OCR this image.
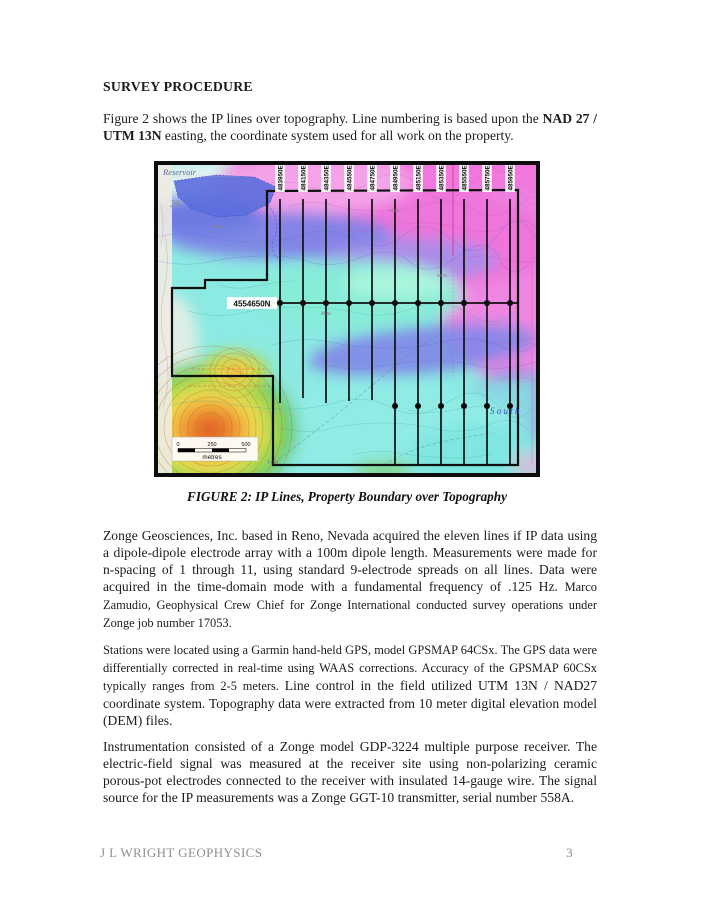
SURVEY PROCEDURE

Figure 2 shows the IP lines over topography. Line numbering is based upon the NAD 27 / UTM 13N easting, the coordinate system used for all work on the property.

483950E	484150E	484350E	484550E	484750E	484950E	485150E	485350E	485550E	485750E	485950E
4554650N
Reservoir
26
Road
S o u t h
7+50
Mine
5762
5801
0	250	500
metres
FIGURE 2: IP Lines, Property Boundary over Topography

Zonge Geosciences, Inc. based in Reno, Nevada acquired the eleven lines if IP data using a dipole-dipole electrode array with a 100m dipole length. Measurements were made for n-spacing of 1 through 11, using standard 9-electrode spreads on all lines. Data were acquired in the time-domain mode with a fundamental frequency of .125 Hz. Marco Zamudio, Geophysical Crew Chief for Zonge International conducted survey operations under Zonge job number 17053.

Stations were located using a Garmin hand-held GPS, model GPSMAP 64CSx. The GPS data were differentially corrected in real-time using WAAS corrections. Accuracy of the GPSMAP 60CSx typically ranges from 2-5 meters. Line control in the field utilized UTM 13N / NAD27 coordinate system. Topography data were extracted from 10 meter digital elevation model (DEM) files.

Instrumentation consisted of a Zonge model GDP-3224 multiple purpose receiver. The electric-field signal was measured at the receiver site using non-polarizing ceramic porous-pot electrodes connected to the receiver with insulated 14-gauge wire. The signal source for the IP measurements was a Zonge GGT-10 transmitter, serial number 558A.

J L WRIGHT GEOPHYSICS	3
